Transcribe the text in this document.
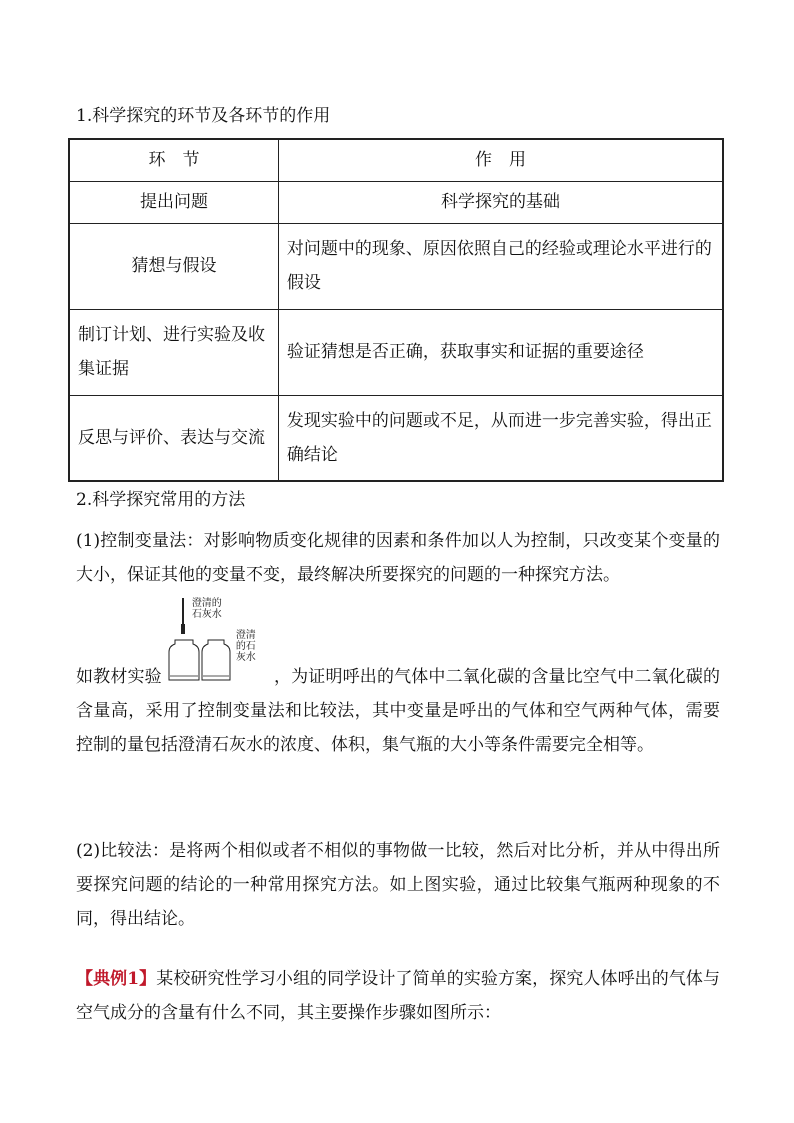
1.科学探究的环节及各环节的作用
环　节	作　用
提出问题	科学探究的基础
猜想与假设	对问题中的现象、原因依照自己的经验或理论水平进行的假设
制订计划、进行实验及收集证据	验证猜想是否正确，获取事实和证据的重要途径
反思与评价、表达与交流	发现实验中的问题或不足，从而进一步完善实验，得出正确结论
2.科学探究常用的方法
(1)控制变量法：对影响物质变化规律的因素和条件加以人为控制，只改变某个变量的大小，保证其他的变量不变，最终解决所要探究的问题的一种探究方法。
如教材实验
澄清的
石灰水
澄清
的石
灰水
，为证明呼出的气体中二氧化碳的含量比空气中二氧化碳的含量高，采用了控制变量法和比较法，其中变量是呼出的气体和空气两种气体，需要控制的量包括澄清石灰水的浓度、体积，集气瓶的大小等条件需要完全相等。
(2)比较法：是将两个相似或者不相似的事物做一比较，然后对比分析，并从中得出所要探究问题的结论的一种常用探究方法。如上图实验，通过比较集气瓶两种现象的不同，得出结论。
【典例1】某校研究性学习小组的同学设计了简单的实验方案，探究人体呼出的气体与空气成分的含量有什么不同，其主要操作步骤如图所示：
